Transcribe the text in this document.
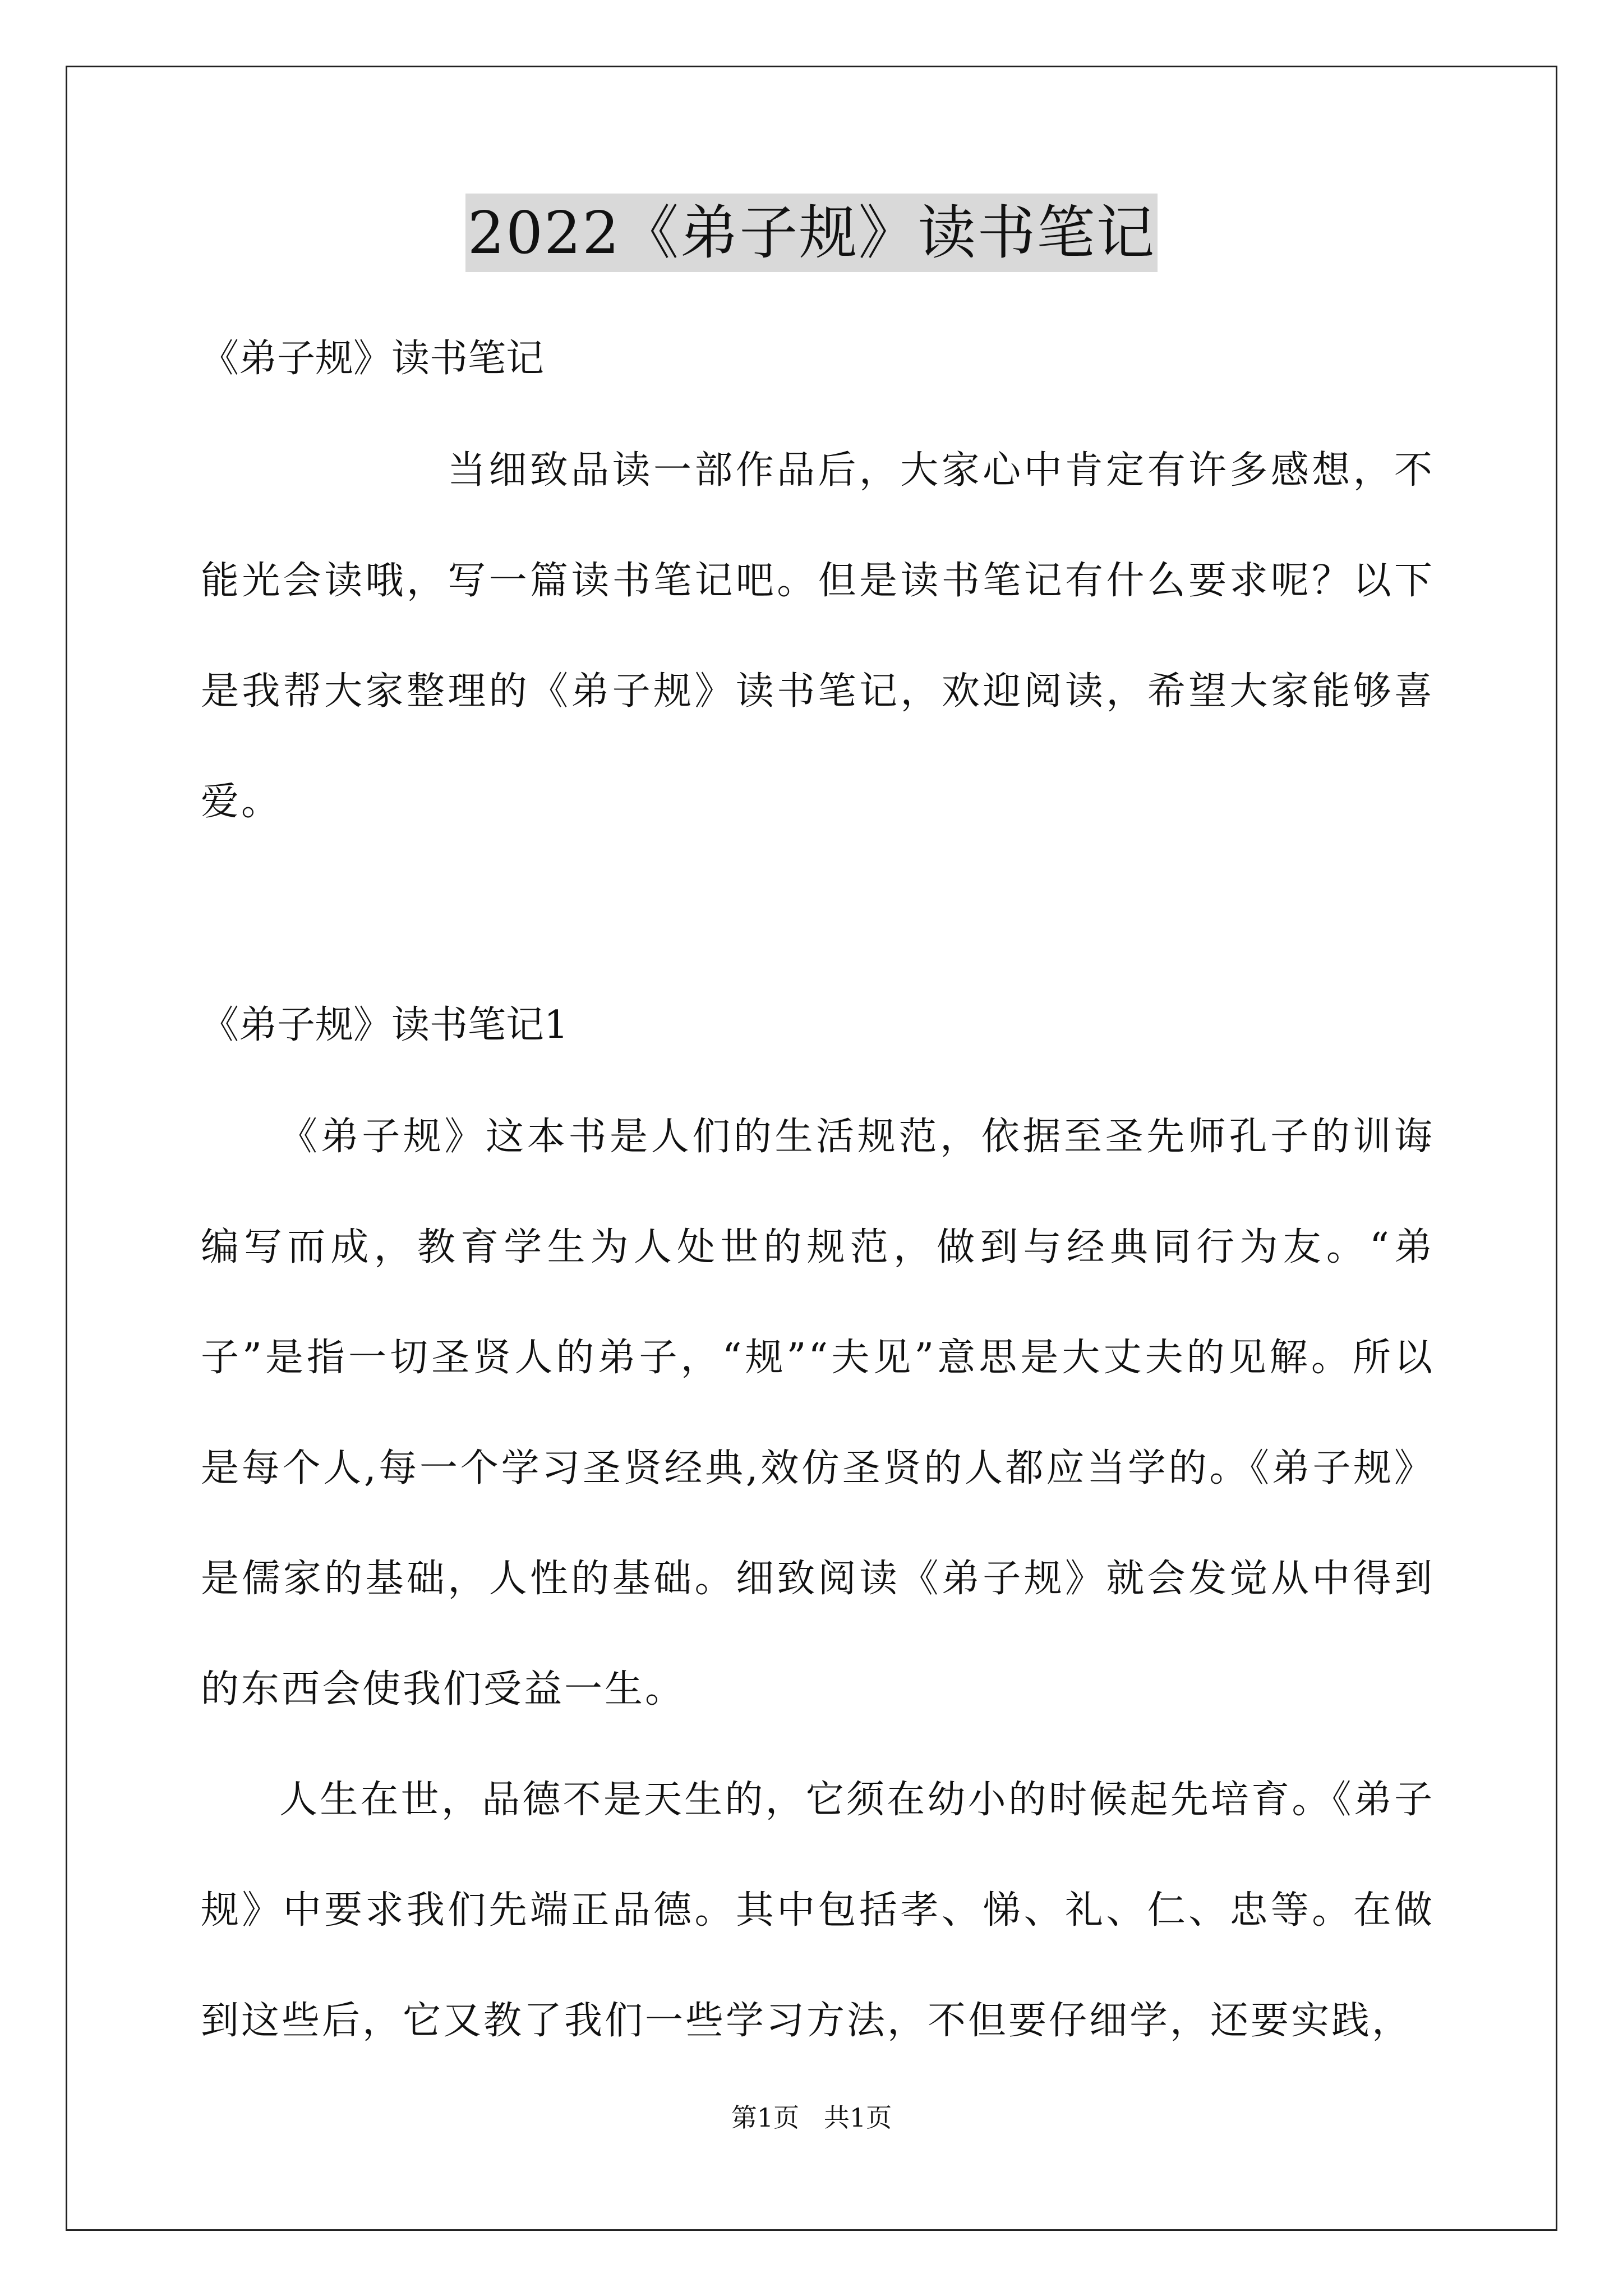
2022《弟子规》读书笔记

《弟子规》读书笔记

当细致品读一部作品后，大家心中肯定有许多感想，不能光会读哦，写一篇读书笔记吧。但是读书笔记有什么要求呢？以下是我帮大家整理的《弟子规》读书笔记，欢迎阅读，希望大家能够喜爱。

《弟子规》读书笔记1

《弟子规》这本书是人们的生活规范，依据至圣先师孔子的训诲编写而成，教育学生为人处世的规范，做到与经典同行为友。“弟子”是指一切圣贤人的弟子，“规”“夫见”意思是大丈夫的见解。所以是每个人,每一个学习圣贤经典,效仿圣贤的人都应当学的。《弟子规》是儒家的基础，人性的基础。细致阅读《弟子规》就会发觉从中得到的东西会使我们受益一生。

人生在世，品德不是天生的，它须在幼小的时候起先培育。《弟子规》中要求我们先端正品德。其中包括孝、悌、礼、仁、忠等。在做到这些后，它又教了我们一些学习方法，不但要仔细学，还要实践，

第1页   共1页
